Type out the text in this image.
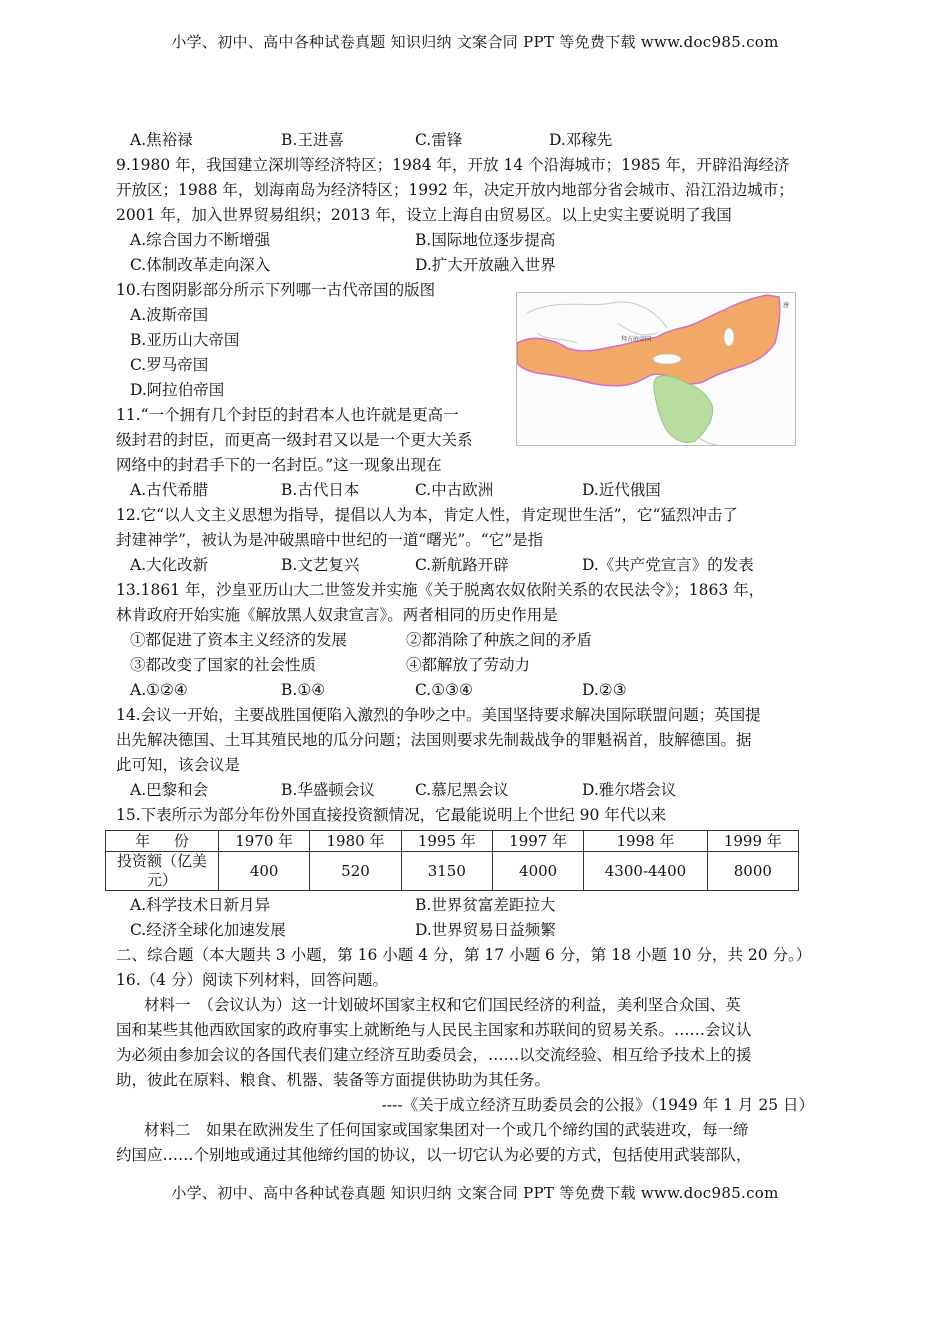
小学、初中、高中各种试卷真题 知识归纳 文案合同 PPT 等免费下载 www.doc985.com
拜占庭帝国
唐
A.焦裕禄	B.王进喜	C.雷锋	D.邓稼先
9.1980 年，我国建立深圳等经济特区；1984 年，开放 14 个沿海城市；1985 年，开辟沿海经济
开放区；1988 年，划海南岛为经济特区；1992 年，决定开放内地部分省会城市、沿江沿边城市；
2001 年，加入世界贸易组织；2013 年，设立上海自由贸易区。以上史实主要说明了我国
A.综合国力不断增强	B.国际地位逐步提高
C.体制改革走向深入	D.扩大开放融入世界
10.右图阴影部分所示下列哪一古代帝国的版图
A.波斯帝国
B.亚历山大帝国
C.罗马帝国
D.阿拉伯帝国
11.“一个拥有几个封臣的封君本人也许就是更高一
级封君的封臣，而更高一级封君又以是一个更大关系
网络中的封君手下的一名封臣。”这一现象出现在
A.古代希腊	B.古代日本	C.中古欧洲	D.近代俄国
12.它“以人文主义思想为指导，提倡以人为本，肯定人性，肯定现世生活”，它“猛烈冲击了
封建神学”，被认为是冲破黑暗中世纪的一道“曙光”。“它”是指
A.大化改新	B.文艺复兴	C.新航路开辟	D.《共产党宣言》的发表
13.1861 年，沙皇亚历山大二世签发并实施《关于脱离农奴依附关系的农民法令》；1863 年，
林肯政府开始实施《解放黑人奴隶宣言》。两者相同的历史作用是
①都促进了资本主义经济的发展	②都消除了种族之间的矛盾
③都改变了国家的社会性质	④都解放了劳动力
A.①②④	B.①④	C.①③④	D.②③
14.会议一开始，主要战胜国便陷入激烈的争吵之中。美国坚持要求解决国际联盟问题；英国提
出先解决德国、土耳其殖民地的瓜分问题；法国则要求先制裁战争的罪魁祸首，肢解德国。据
此可知，该会议是
A.巴黎和会	B.华盛顿会议	C.慕尼黑会议	D.雅尔塔会议
15.下表所示为部分年份外国直接投资额情况，它最能说明上个世纪 90 年代以来
年     份	1970 年	1980 年	1995 年	1997 年	1998 年	1999 年
投资额（亿美元）	400	520	3150	4000	4300-4400	8000
A.科学技术日新月异	B.世界贫富差距拉大
C.经济全球化加速发展	D.世界贸易日益频繁
二、综合题（本大题共 3 小题，第 16 小题 4 分，第 17 小题 6 分，第 18 小题 10 分，共 20 分。）
16.（4 分）阅读下列材料，回答问题。
材料一　（会议认为）这一计划破坏国家主权和它们国民经济的利益，美利坚合众国、英
国和某些其他西欧国家的政府事实上就断绝与人民民主国家和苏联间的贸易关系。……会议认
为必须由参加会议的各国代表们建立经济互助委员会，……以交流经验、相互给予技术上的援
助，彼此在原料、粮食、机器、装备等方面提供协助为其任务。
----《关于成立经济互助委员会的公报》（1949 年 1 月 25 日）
材料二　如果在欧洲发生了任何国家或国家集团对一个或几个缔约国的武装进攻，每一缔
约国应……个别地或通过其他缔约国的协议，以一切它认为必要的方式，包括使用武装部队，
小学、初中、高中各种试卷真题 知识归纳 文案合同 PPT 等免费下载 www.doc985.com
